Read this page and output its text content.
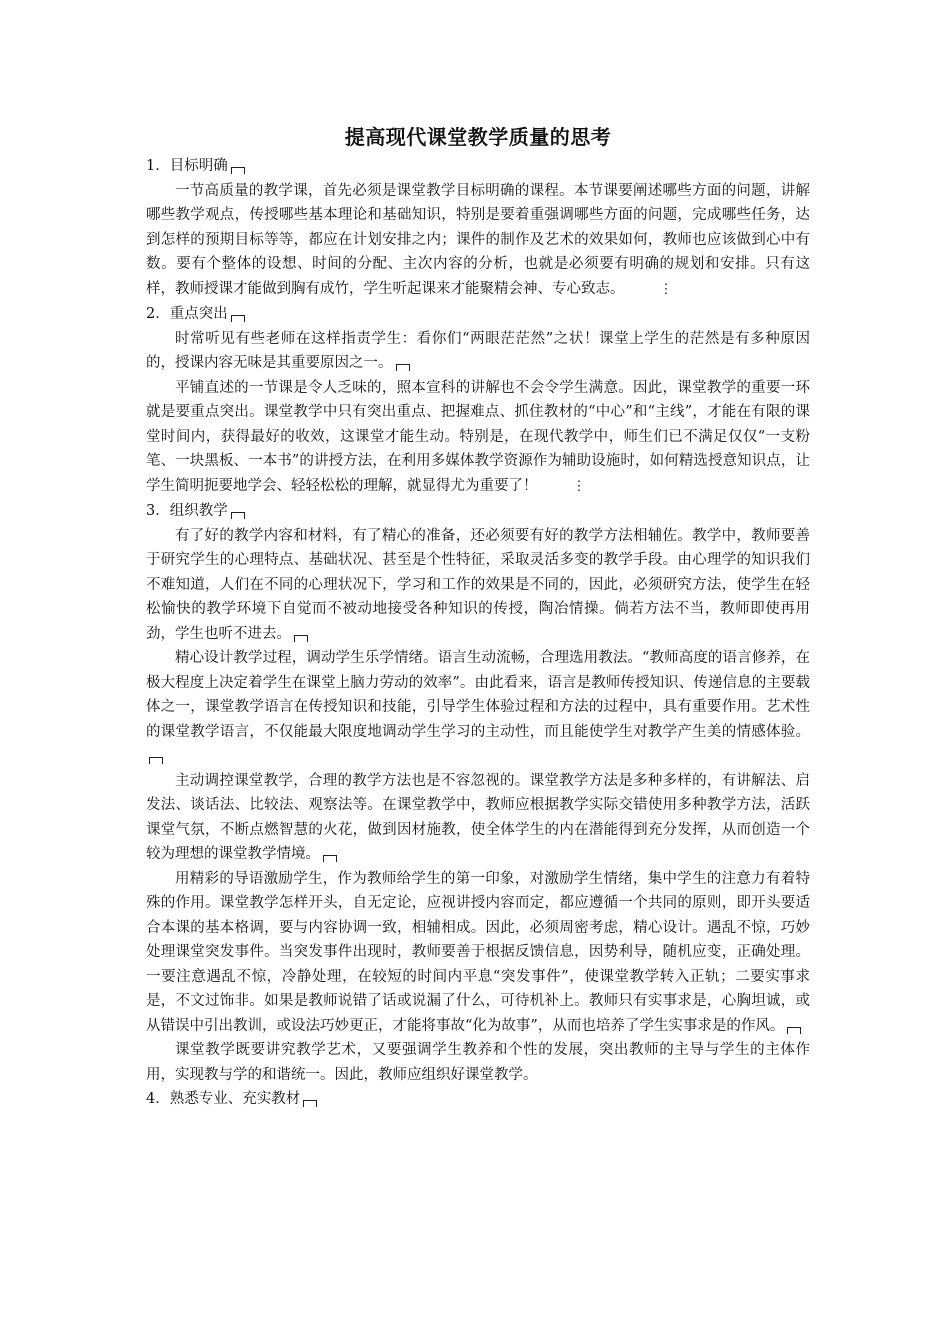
提高现代课堂教学质量的思考

1．目标明确

一节高质量的教学课，首先必须是课堂教学目标明确的课程。本节课要阐述哪些方面的问题，讲解哪些教学观点，传授哪些基本理论和基础知识，特别是要着重强调哪些方面的问题，完成哪些任务，达到怎样的预期目标等等，都应在计划安排之内；课件的制作及艺术的效果如何，教师也应该做到心中有数。要有个整体的设想、时间的分配、主次内容的分析，也就是必须要有明确的规划和安排。只有这样，教师授课才能做到胸有成竹，学生听起课来才能聚精会神、专心致志。	⋮

2．重点突出

时常听见有些老师在这样指责学生：看你们“两眼茫茫然”之状！课堂上学生的茫然是有多种原因的，授课内容无味是其重要原因之一。

平铺直述的一节课是令人乏味的，照本宣科的讲解也不会令学生满意。因此，课堂教学的重要一环就是要重点突出。课堂教学中只有突出重点、把握难点、抓住教材的“中心”和“主线”，才能在有限的课堂时间内，获得最好的收效，这课堂才能生动。特别是，在现代教学中，师生们已不满足仅仅“一支粉笔、一块黑板、一本书”的讲授方法，在利用多媒体教学资源作为辅助设施时，如何精选授意知识点，让学生简明扼要地学会、轻轻松松的理解，就显得尤为重要了！	⋮

3．组织教学

有了好的教学内容和材料，有了精心的准备，还必须要有好的教学方法相辅佐。教学中，教师要善于研究学生的心理特点、基础状况、甚至是个性特征，采取灵活多变的教学手段。由心理学的知识我们不难知道，人们在不同的心理状况下，学习和工作的效果是不同的，因此，必须研究方法，使学生在轻松愉快的教学环境下自觉而不被动地接受各种知识的传授，陶冶情操。倘若方法不当，教师即使再用劲，学生也听不进去。

精心设计教学过程，调动学生乐学情绪。语言生动流畅，合理选用教法。“教师高度的语言修养，在极大程度上决定着学生在课堂上脑力劳动的效率”。由此看来，语言是教师传授知识、传递信息的主要载体之一，课堂教学语言在传授知识和技能，引导学生体验过程和方法的过程中，具有重要作用。艺术性的课堂教学语言，不仅能最大限度地调动学生学习的主动性，而且能使学生对教学产生美的情感体验。

主动调控课堂教学，合理的教学方法也是不容忽视的。课堂教学方法是多种多样的，有讲解法、启发法、谈话法、比较法、观察法等。在课堂教学中，教师应根据教学实际交错使用多种教学方法，活跃课堂气氛，不断点燃智慧的火花，做到因材施教，使全体学生的内在潜能得到充分发挥，从而创造一个较为理想的课堂教学情境。

用精彩的导语激励学生，作为教师给学生的第一印象，对激励学生情绪，集中学生的注意力有着特殊的作用。课堂教学怎样开头，自无定论，应视讲授内容而定，都应遵循一个共同的原则，即开头要适合本课的基本格调，要与内容协调一致，相辅相成。因此，必须周密考虑，精心设计。遇乱不惊，巧妙处理课堂突发事件。当突发事件出现时，教师要善于根据反馈信息，因势利导，随机应变，正确处理。一要注意遇乱不惊，冷静处理，在较短的时间内平息“突发事件”，使课堂教学转入正轨；二要实事求是，不文过饰非。如果是教师说错了话或说漏了什么，可待机补上。教师只有实事求是，心胸坦诚，或从错误中引出教训，或设法巧妙更正，才能将事故“化为故事”，从而也培养了学生实事求是的作风。

课堂教学既要讲究教学艺术，又要强调学生教养和个性的发展，突出教师的主导与学生的主体作用，实现教与学的和谐统一。因此，教师应组织好课堂教学。

4．熟悉专业、充实教材
